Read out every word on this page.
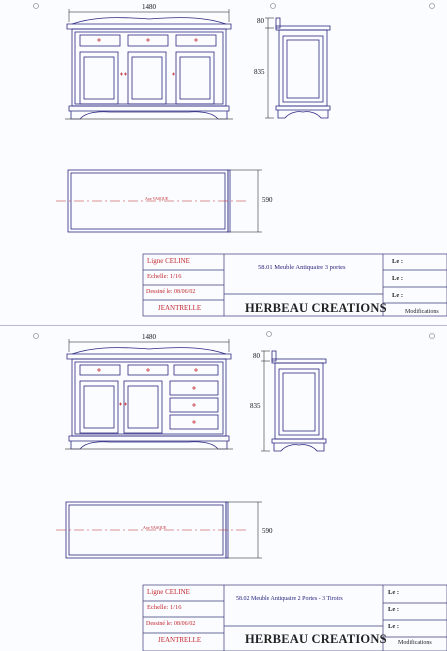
1480
80
835
590
Axe VASQUE
Ligne CELINE
Echelle: 1/16
Dessiné le: 08/06/02
JEANTRELLE
58.01 Meuble Antiquaire 3 portes
HERBEAU CREATIONS
Le :
Le :
Le :
Modifications
1480
80
835
590
Axe VASQUE
Ligne CELINE
Echelle: 1/16
Dessiné le: 08/06/02
JEANTRELLE
58.02 Meuble Antiquaire 2 Portes - 3 Tiroirs
HERBEAU CREATIONS
Le :
Le :
Le :
Modifications
